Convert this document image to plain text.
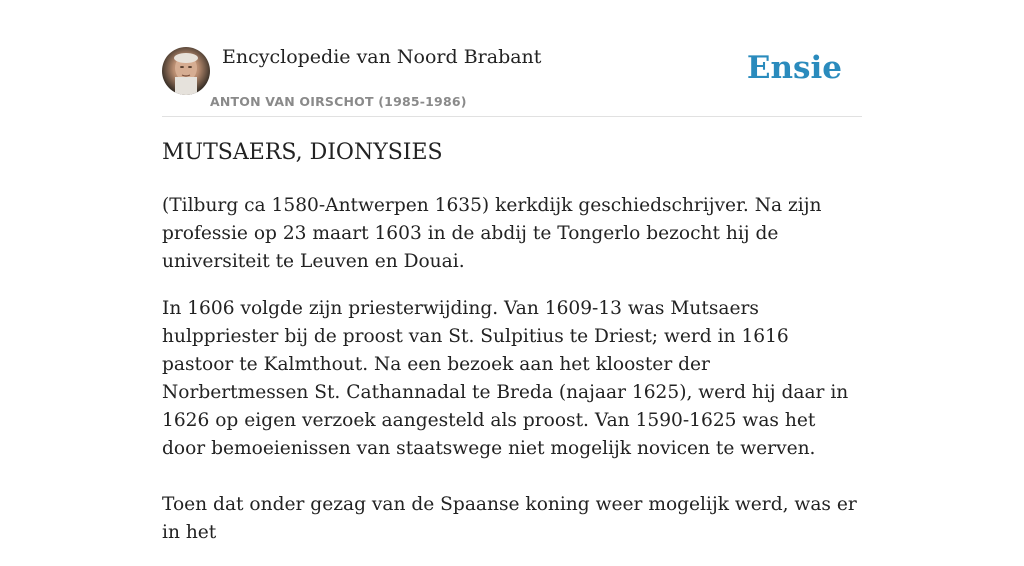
Encyclopedie van Noord Brabant
ANTON VAN OIRSCHOT (1985-1986)
Ensie
MUTSAERS, DIONYSIES

(Tilburg ca 1580-Antwerpen 1635) kerkdijk geschiedschrijver. Na zijn professie op 23 maart 1603 in de abdij te Tongerlo bezocht hij de universiteit te Leuven en Douai.

In 1606 volgde zijn priesterwijding. Van 1609-13 was Mutsaers hulppriester bij de proost van St. Sulpitius te Driest; werd in 1616 pastoor te Kalmthout. Na een bezoek aan het klooster der Norbertmessen St. Cathannadal te Breda (najaar 1625), werd hij daar in 1626 op eigen verzoek aangesteld als proost. Van 1590-1625 was het door bemoeienissen van staatswege niet mogelijk novicen te werven.

Toen dat onder gezag van de Spaanse koning weer mogelijk werd, was er in het
